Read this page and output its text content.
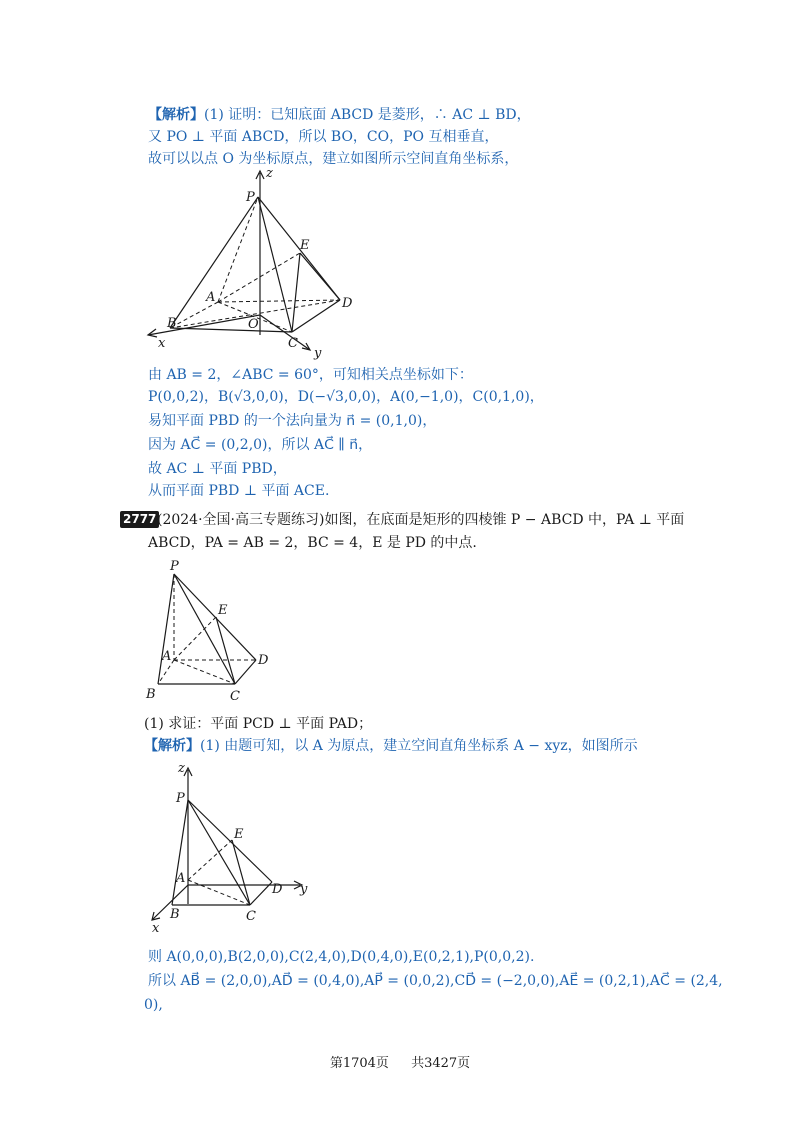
【解析】(1) 证明：已知底面 ABCD 是菱形，∴ AC ⊥ BD，
又 PO ⊥ 平面 ABCD，所以 BO，CO，PO 互相垂直，
故可以以点 O 为坐标原点，建立如图所示空间直角坐标系，
P
z
E
A	D
B	O
C
x
y
由 AB = 2，∠ABC = 60°，可知相关点坐标如下：
P(0,0,2)，B(√3,0,0)，D(−√3,0,0)，A(0,−1,0)，C(0,1,0)，
易知平面 PBD 的一个法向量为 n⃗ = (0,1,0)，
因为 AC⃗ = (0,2,0)，所以 AC⃗ ∥ n⃗，
故 AC ⊥ 平面 PBD，
从而平面 PBD ⊥ 平面 ACE.
2777 (2024·全国·高三专题练习)如图，在底面是矩形的四棱锥 P − ABCD 中，PA ⊥ 平面
ABCD，PA = AB = 2，BC = 4，E 是 PD 的中点.
P
E
A	D
B	C
(1) 求证：平面 PCD ⊥ 平面 PAD；
【解析】(1) 由题可知，以 A 为原点，建立空间直角坐标系 A − xyz，如图所示
z
P
E
A
D y
B	C
x
则 A(0,0,0),B(2,0,0),C(2,4,0),D(0,4,0),E(0,2,1),P(0,0,2).
所以 AB⃗ = (2,0,0),AD⃗ = (0,4,0),AP⃗ = (0,0,2),CD⃗ = (−2,0,0),AE⃗ = (0,2,1),AC⃗ = (2,4,
0),
第1704页 共3427页
